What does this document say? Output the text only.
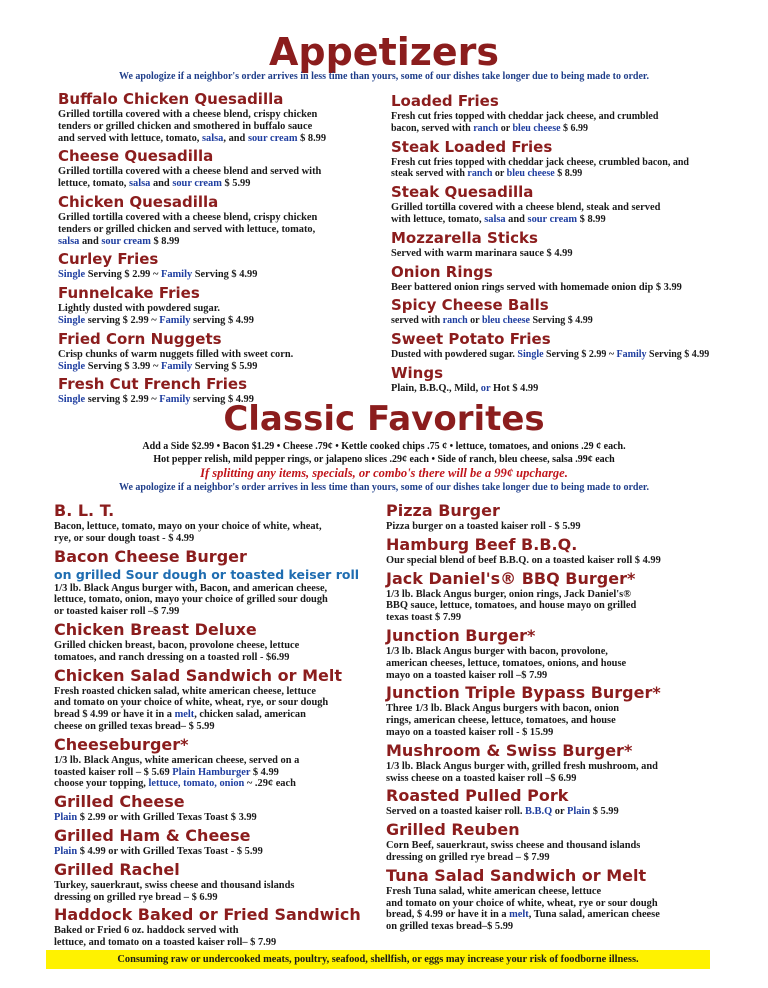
Appetizers
We apologize if a neighbor's order arrives in less time than yours, some of our dishes take longer due to being made to order.
Buffalo Chicken Quesadilla
Grilled tortilla covered with a cheese blend, crispy chicken
tenders or grilled chicken and smothered in buffalo sauce
and served with lettuce, tomato, salsa, and sour cream $ 8.99
Cheese Quesadilla
Grilled tortilla covered with a cheese blend and served with
lettuce, tomato, salsa and sour cream $ 5.99
Chicken Quesadilla
Grilled tortilla covered with a cheese blend, crispy chicken
tenders or grilled chicken and served with lettuce, tomato,
salsa and sour cream $ 8.99
Curley Fries
Single Serving $ 2.99 ~ Family Serving $ 4.99
Funnelcake Fries
Lightly dusted with powdered sugar.
Single serving $ 2.99 ~ Family serving $ 4.99
Fried Corn Nuggets
Crisp chunks of warm nuggets filled with sweet corn.
Single Serving $ 3.99 ~ Family Serving $ 5.99
Fresh Cut French Fries
Single serving $ 2.99 ~ Family serving $ 4.99
Loaded Fries
Fresh cut fries topped with cheddar jack cheese, and crumbled
bacon, served with ranch or bleu cheese $ 6.99
Steak Loaded Fries
Fresh cut fries topped with cheddar jack cheese, crumbled bacon, and
steak served with ranch or bleu cheese $ 8.99
Steak Quesadilla
Grilled tortilla covered with a cheese blend, steak and served
with lettuce, tomato, salsa and sour cream $ 8.99
Mozzarella Sticks
Served with warm marinara sauce $ 4.99
Onion Rings
Beer battered onion rings served with homemade onion dip $ 3.99
Spicy Cheese Balls
served with ranch or bleu cheese Serving $ 4.99
Sweet Potato Fries
Dusted with powdered sugar. Single Serving $ 2.99 ~ Family Serving $ 4.99
Wings
Plain, B.B.Q., Mild, or Hot $ 4.99
Classic Favorites
Add a Side $2.99 • Bacon $1.29 • Cheese .79¢ • Kettle cooked chips .75 ¢ • lettuce, tomatoes, and onions .29 ¢ each.
Hot pepper relish, mild pepper rings, or jalapeno slices .29¢ each • Side of ranch, bleu cheese, salsa .99¢ each
If splitting any items, specials, or combo's there will be a 99¢ upcharge.
We apologize if a neighbor's order arrives in less time than yours, some of our dishes take longer due to being made to order.
B. L. T.
Bacon, lettuce, tomato, mayo on your choice of white, wheat,
rye, or sour dough toast - $ 4.99
Bacon Cheese Burger
on grilled Sour dough or toasted keiser roll
1/3 lb. Black Angus burger with, Bacon, and american cheese,
lettuce, tomato, onion, mayo your choice of grilled sour dough
or toasted kaiser roll –$ 7.99
Chicken Breast Deluxe
Grilled chicken breast, bacon, provolone cheese, lettuce
tomatoes, and ranch dressing on a toasted roll - $6.99
Chicken Salad Sandwich or Melt
Fresh roasted chicken salad, white american cheese, lettuce
and tomato on your choice of white, wheat, rye, or sour dough
bread $ 4.99 or have it in a melt, chicken salad, american
cheese on grilled texas bread– $ 5.99
Cheeseburger*
1/3 lb. Black Angus, white american cheese, served on a
toasted kaiser roll – $ 5.69 Plain Hamburger $ 4.99
choose your topping, lettuce, tomato, onion ~ .29¢ each
Grilled Cheese
Plain $ 2.99 or with Grilled Texas Toast $ 3.99
Grilled Ham & Cheese
Plain $ 4.99 or with Grilled Texas Toast - $ 5.99
Grilled Rachel
Turkey, sauerkraut, swiss cheese and thousand islands
dressing on grilled rye bread – $ 6.99
Haddock Baked or Fried Sandwich
Baked or Fried 6 oz. haddock served with
lettuce, and tomato on a toasted kaiser roll– $ 7.99
Pizza Burger
Pizza burger on a toasted kaiser roll - $ 5.99
Hamburg Beef B.B.Q.
Our special blend of beef B.B.Q. on a toasted kaiser roll $ 4.99
Jack Daniel's® BBQ Burger*
1/3 lb. Black Angus burger, onion rings, Jack Daniel's®
BBQ sauce, lettuce, tomatoes, and house mayo on grilled
texas toast $ 7.99
Junction Burger*
1/3 lb. Black Angus burger with bacon, provolone,
american cheeses, lettuce, tomatoes, onions, and house
mayo on a toasted kaiser roll –$ 7.99
Junction Triple Bypass Burger*
Three 1/3 lb. Black Angus burgers with bacon, onion
rings, american cheese, lettuce, tomatoes, and house
mayo on a toasted kaiser roll - $ 15.99
Mushroom & Swiss Burger*
1/3 lb. Black Angus burger with, grilled fresh mushroom, and
swiss cheese on a toasted kaiser roll –$ 6.99
Roasted Pulled Pork
Served on a toasted kaiser roll. B.B.Q or Plain $ 5.99
Grilled Reuben
Corn Beef, sauerkraut, swiss cheese and thousand islands
dressing on grilled rye bread – $ 7.99
Tuna Salad Sandwich or Melt
Fresh Tuna salad, white american cheese, lettuce
and tomato on your choice of white, wheat, rye or sour dough
bread, $ 4.99 or have it in a melt, Tuna salad, american cheese
on grilled texas bread–$ 5.99
Consuming raw or undercooked meats, poultry, seafood, shellfish, or eggs may increase your risk of foodborne illness.
